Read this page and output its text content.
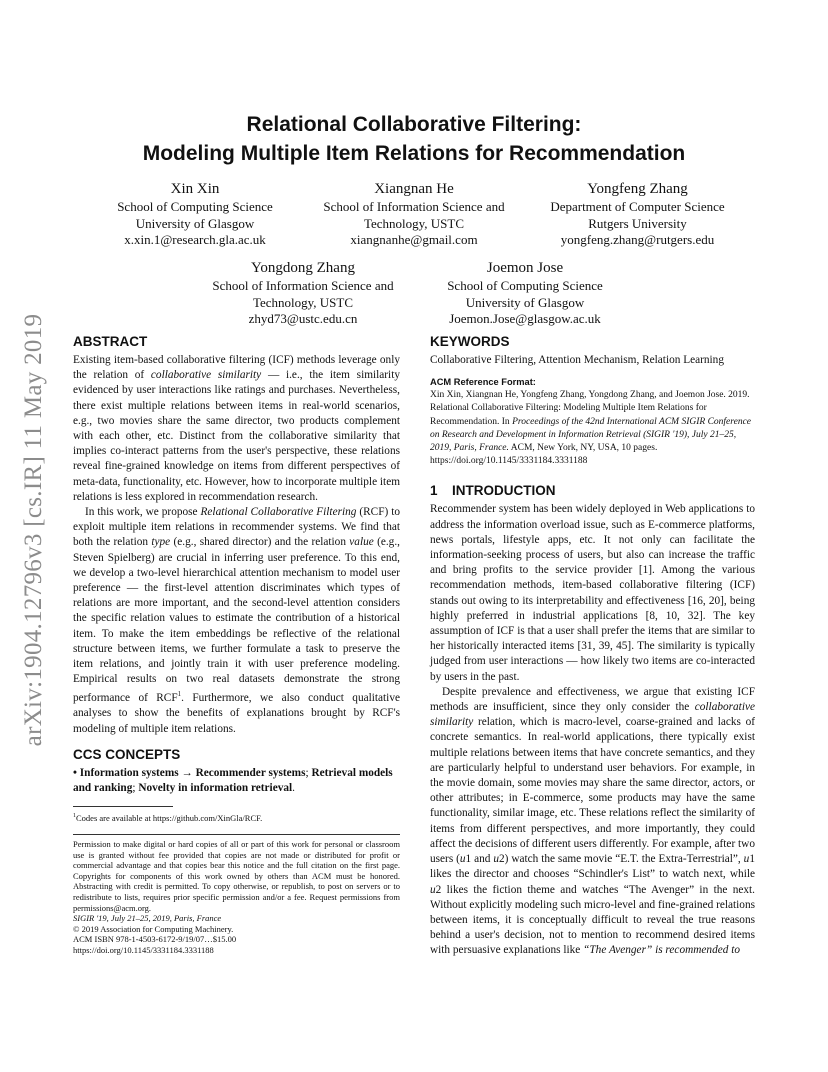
arXiv:1904.12796v3 [cs.IR] 11 May 2019
Relational Collaborative Filtering:
Modeling Multiple Item Relations for Recommendation
Xin Xin
School of Computing Science
University of Glasgow
x.xin.1@research.gla.ac.uk
Xiangnan He
School of Information Science and
Technology, USTC
xiangnanhe@gmail.com
Yongfeng Zhang
Department of Computer Science
Rutgers University
yongfeng.zhang@rutgers.edu
Yongdong Zhang
School of Information Science and
Technology, USTC
zhyd73@ustc.edu.cn
Joemon Jose
School of Computing Science
University of Glasgow
Joemon.Jose@glasgow.ac.uk
ABSTRACT

Existing item-based collaborative filtering (ICF) methods leverage only the relation of collaborative similarity — i.e., the item similarity evidenced by user interactions like ratings and purchases. Nevertheless, there exist multiple relations between items in real-world scenarios, e.g., two movies share the same director, two products complement with each other, etc. Distinct from the collaborative similarity that implies co-interact patterns from the user's perspective, these relations reveal fine-grained knowledge on items from different perspectives of meta-data, functionality, etc. However, how to incorporate multiple item relations is less explored in recommendation research.

In this work, we propose Relational Collaborative Filtering (RCF) to exploit multiple item relations in recommender systems. We find that both the relation type (e.g., shared director) and the relation value (e.g., Steven Spielberg) are crucial in inferring user preference. To this end, we develop a two-level hierarchical attention mechanism to model user preference — the first-level attention discriminates which types of relations are more important, and the second-level attention considers the specific relation values to estimate the contribution of a historical item. To make the item embeddings be reflective of the relational structure between items, we further formulate a task to preserve the item relations, and jointly train it with user preference modeling. Empirical results on two real datasets demonstrate the strong performance of RCF$^1$. Furthermore, we also conduct qualitative analyses to show the benefits of explanations brought by RCF's modeling of multiple item relations.

CCS CONCEPTS

• Information systems → Recommender systems; Retrieval models and ranking; Novelty in information retrieval.

$^1$Codes are available at https://github.com/XinGla/RCF.
Permission to make digital or hard copies of all or part of this work for personal or classroom use is granted without fee provided that copies are not made or distributed for profit or commercial advantage and that copies bear this notice and the full citation on the first page. Copyrights for components of this work owned by others than ACM must be honored. Abstracting with credit is permitted. To copy otherwise, or republish, to post on servers or to redistribute to lists, requires prior specific permission and/or a fee. Request permissions from permissions@acm.org.
SIGIR '19, July 21–25, 2019, Paris, France
© 2019 Association for Computing Machinery.
ACM ISBN 978-1-4503-6172-9/19/07…$15.00
https://doi.org/10.1145/3331184.3331188
KEYWORDS

Collaborative Filtering, Attention Mechanism, Relation Learning

ACM Reference Format:

Xin Xin, Xiangnan He, Yongfeng Zhang, Yongdong Zhang, and Joemon Jose. 2019. Relational Collaborative Filtering: Modeling Multiple Item Relations for Recommendation. In Proceedings of the 42nd International ACM SIGIR Conference on Research and Development in Information Retrieval (SIGIR '19), July 21–25, 2019, Paris, France. ACM, New York, NY, USA, 10 pages. https://doi.org/10.1145/3331184.3331188

1 INTRODUCTION

Recommender system has been widely deployed in Web applications to address the information overload issue, such as E-commerce platforms, news portals, lifestyle apps, etc. It not only can facilitate the information-seeking process of users, but also can increase the traffic and bring profits to the service provider [1]. Among the various recommendation methods, item-based collaborative filtering (ICF) stands out owing to its interpretability and effectiveness [16, 20], being highly preferred in industrial applications [8, 10, 32]. The key assumption of ICF is that a user shall prefer the items that are similar to her historically interacted items [31, 39, 45]. The similarity is typically judged from user interactions — how likely two items are co-interacted by users in the past.

Despite prevalence and effectiveness, we argue that existing ICF methods are insufficient, since they only consider the collaborative similarity relation, which is macro-level, coarse-grained and lacks of concrete semantics. In real-world applications, there typically exist multiple relations between items that have concrete semantics, and they are particularly helpful to understand user behaviors. For example, in the movie domain, some movies may share the same director, actors, or other attributes; in E-commerce, some products may have the same functionality, similar image, etc. These relations reflect the similarity of items from different perspectives, and more importantly, they could affect the decisions of different users differently. For example, after two users (u1 and u2) watch the same movie “E.T. the Extra-Terrestrial”, u1 likes the director and chooses “Schindler's List” to watch next, while u2 likes the fiction theme and watches “The Avenger” in the next. Without explicitly modeling such micro-level and fine-grained relations between items, it is conceptually difficult to reveal the true reasons behind a user's decision, not to mention to recommend desired items with persuasive explanations like “The Avenger” is recommended to
